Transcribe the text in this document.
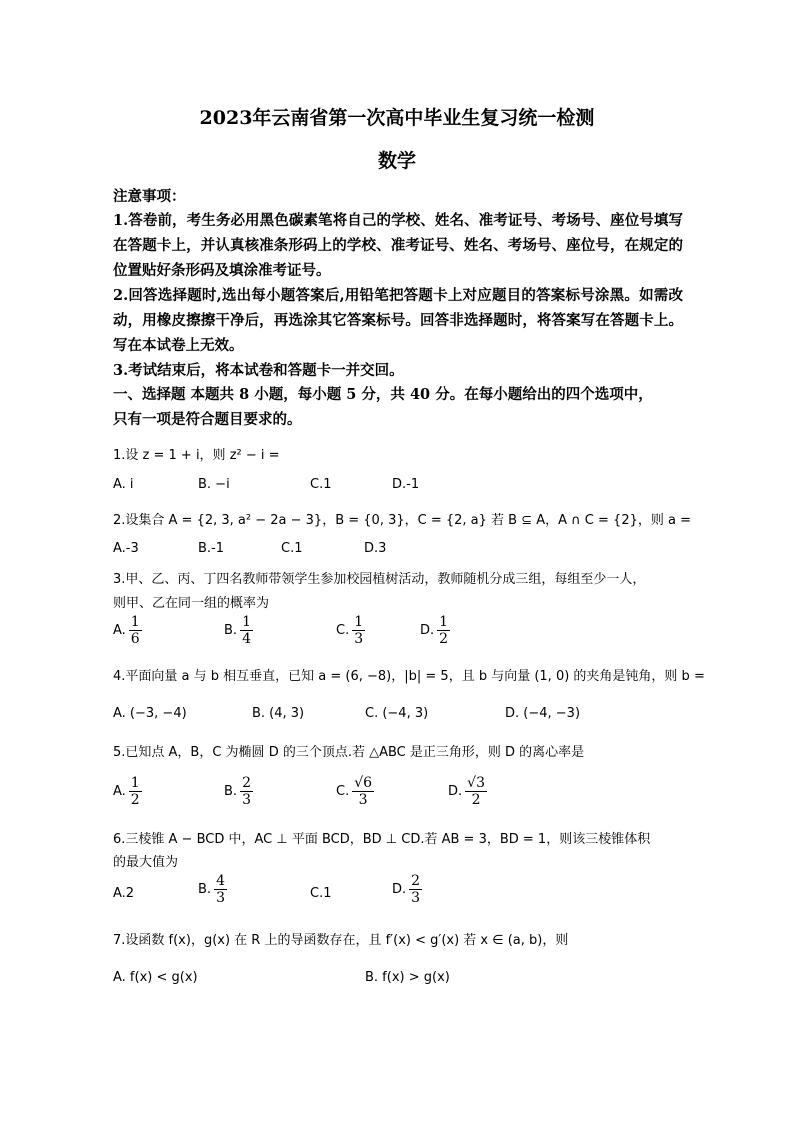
2023年云南省第一次高中毕业生复习统一检测
数学
注意事项：
1.答卷前，考生务必用黑色碳素笔将自己的学校、姓名、准考证号、考场号、座位号填写在答题卡上，并认真核准条形码上的学校、准考证号、姓名、考场号、座位号，在规定的位置贴好条形码及填涂准考证号。
2.回答选择题时,选出每小题答案后,用铅笔把答题卡上对应题目的答案标号涂黑。如需改动，用橡皮擦擦干净后，再选涂其它答案标号。回答非选择题时，将答案写在答题卡上。写在本试卷上无效。
3.考试结束后，将本试卷和答题卡一并交回。
一、选择题 本题共 8 小题，每小题 5 分，共 40 分。在每小题给出的四个选项中，
只有一项是符合题目要求的。
1.设 z = 1 + i，则 z² − i =
A. i	B. −i	C.1	D.-1
2.设集合 A = {2, 3, a² − 2a − 3}，B = {0, 3}，C = {2, a} 若 B ⊆ A，A ∩ C = {2}，则 a =
A.-3	B.-1	C.1	D.3
3.甲、乙、丙、丁四名教师带领学生参加校园植树活动，教师随机分成三组，每组至少一人，
则甲、乙在同一组的概率为
A. $\frac{1}{6}$	B. $\frac{1}{4}$	C. $\frac{1}{3}$	D. $\frac{1}{2}$
4.平面向量 a 与 b 相互垂直，已知 a = (6, −8)，|b| = 5，且 b 与向量 (1, 0) 的夹角是钝角，则 b =
A. (−3, −4)	B. (4, 3)	C. (−4, 3)	D. (−4, −3)
5.已知点 A，B，C 为椭圆 D 的三个顶点.若 △ABC 是正三角形，则 D 的离心率是
A. $\frac{1}{2}$	B. $\frac{2}{3}$	C. $\frac{√6}{3}$	D. $\frac{√3}{2}$
6.三棱锥 A − BCD 中，AC ⊥ 平面 BCD，BD ⊥ CD.若 AB = 3，BD = 1，则该三棱锥体积
的最大值为
A.2	B. $\frac{4}{3}$	C.1	D. $\frac{2}{3}$
7.设函数 f(x)，g(x) 在 R 上的导函数存在，且 f′(x) < g′(x) 若 x ∈ (a, b)，则
A. f(x) < g(x)	B. f(x) > g(x)
